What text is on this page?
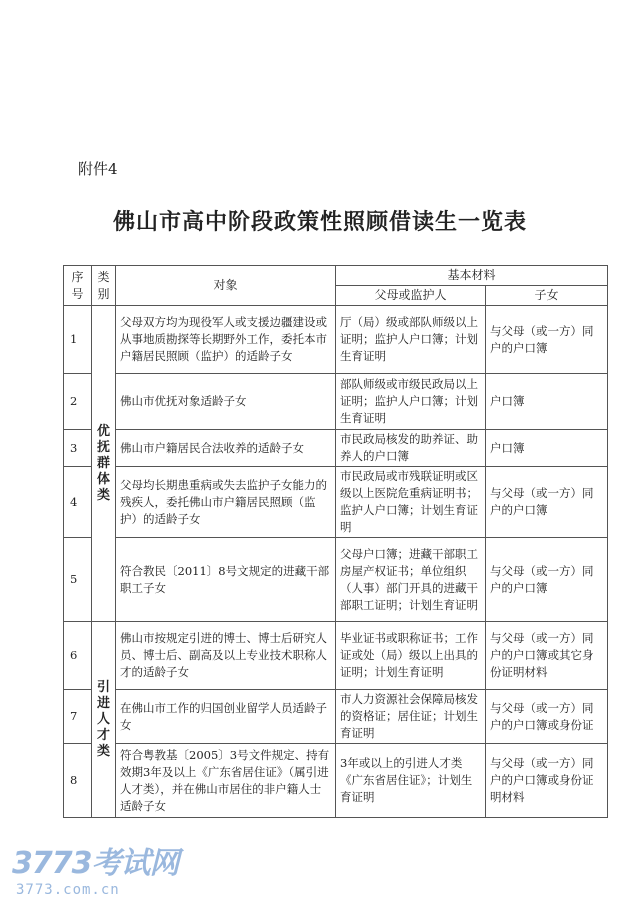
附件4
佛山市高中阶段政策性照顾借读生一览表
序号	类别	对象	基本材料	
			父母或监护人	子女
1	优抚群体类	父母双方均为现役军人或支援边疆建设或从事地质勘探等长期野外工作，委托本市户籍居民照顾（监护）的适龄子女	厅（局）级或部队师级以上证明；监护人户口簿；计划生育证明	与父母（或一方）同户的户口簿
2		佛山市优抚对象适龄子女	部队师级或市级民政局以上证明；监护人户口簿；计划生育证明	户口簿
3		佛山市户籍居民合法收养的适龄子女	市民政局核发的助养证、助养人的户口簿	户口簿
4		父母均长期患重病或失去监护子女能力的残疾人，委托佛山市户籍居民照顾（监护）的适龄子女	市民政局或市残联证明或区级以上医院危重病证明书；监护人户口簿；计划生育证明	与父母（或一方）同户的户口簿
5		符合教民〔2011〕8号文规定的进藏干部职工子女	父母户口簿；进藏干部职工房屋产权证书；单位组织（人事）部门开具的进藏干部职工证明；计划生育证明	与父母（或一方）同户的户口簿
6	引进人才类	佛山市按规定引进的博士、博士后研究人员、博士后、副高及以上专业技术职称人才的适龄子女	毕业证书或职称证书；工作证或处（局）级以上出具的证明；计划生育证明	与父母（或一方）同户的户口簿或其它身份证明材料
7		在佛山市工作的归国创业留学人员适龄子女	市人力资源社会保障局核发的资格证；居住证；计划生育证明	与父母（或一方）同户的户口簿或身份证
8		符合粤教基〔2005〕3号文件规定、持有效期3年及以上《广东省居住证》（属引进人才类），并在佛山市居住的非户籍人士适龄子女	3年或以上的引进人才类《广东省居住证》；计划生育证明	与父母（或一方）同户的户口簿或身份证明材料
3773考试网
3773.com.cn
